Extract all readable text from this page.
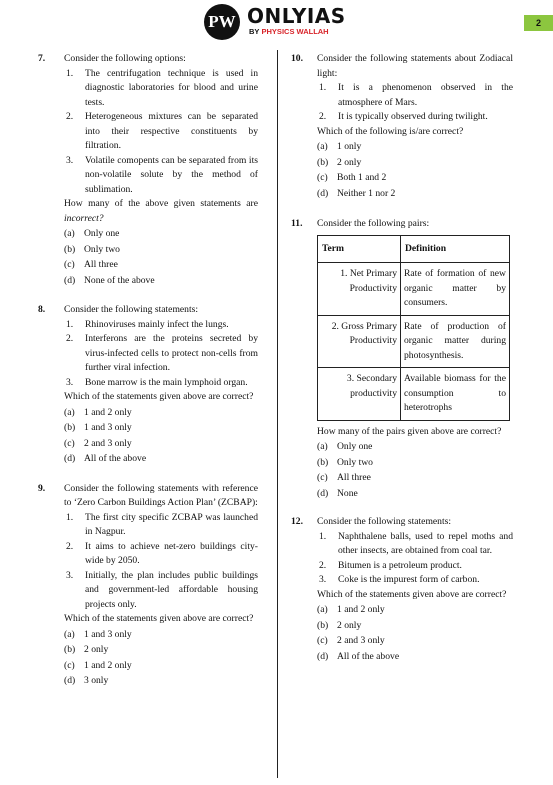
PW ONLYIAS
BY PHYSICS WALLAH
2
7. Consider the following options:

1. The centrifugation technique is used in diagnostic laboratories for blood and urine tests.
2. Heterogeneous mixtures can be separated into their respective constituents by filtration.
3. Volatile comopents can be separated from its non-volatile solute by the method of sublimation.

How many of the above given statements are incorrect?

(a) Only one
(b) Only two
(c) All three
(d) None of the above
8. Consider the following statements:

1. Rhinoviruses mainly infect the lungs.
2. Interferons are the proteins secreted by virus-infected cells to protect non-cells from further viral infection.
3. Bone marrow is the main lymphoid organ.

Which of the statements given above are correct?

(a) 1 and 2 only
(b) 1 and 3 only
(c) 2 and 3 only
(d) All of the above
9. Consider the following statements with reference to ‘Zero Carbon Buildings Action Plan’ (ZCBAP):

1. The first city specific ZCBAP was launched in Nagpur.
2. It aims to achieve net-zero buildings city-wide by 2050.
3. Initially, the plan includes public buildings and government-led affordable housing projects only.

Which of the statements given above are correct?

(a) 1 and 3 only
(b) 2 only
(c) 1 and 2 only
(d) 3 only
10. Consider the following statements about Zodiacal light:

1. It is a phenomenon observed in the atmosphere of Mars.
2. It is typically observed during twilight.

Which of the following is/are correct?

(a) 1 only
(b) 2 only
(c) Both 1 and 2
(d) Neither 1 nor 2
11. Consider the following pairs:

Term	Definition
1. Net Primary Productivity	Rate of formation of new organic matter by consumers.
2. Gross Primary Productivity	Rate of production of organic matter during photosynthesis.
3. Secondary productivity	Available biomass for the consumption to heterotrophs

How many of the pairs given above are correct?

(a) Only one
(b) Only two
(c) All three
(d) None
12. Consider the following statements:

1. Naphthalene balls, used to repel moths and other insects, are obtained from coal tar.
2. Bitumen is a petroleum product.
3. Coke is the impurest form of carbon.

Which of the statements given above are correct?

(a) 1 and 2 only
(b) 2 only
(c) 2 and 3 only
(d) All of the above
